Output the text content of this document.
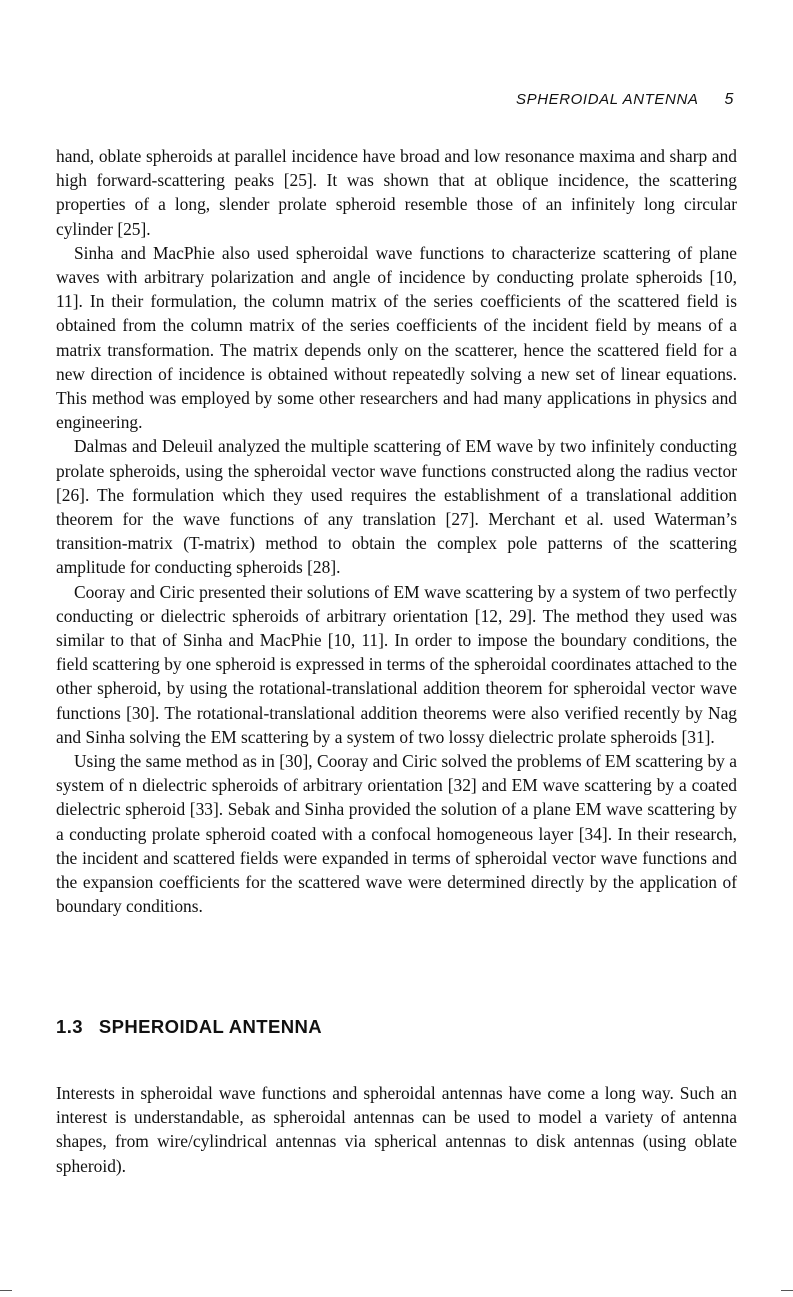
SPHEROIDAL ANTENNA 5

hand, oblate spheroids at parallel incidence have broad and low resonance maxima and sharp and high forward-scattering peaks [25]. It was shown that at oblique incidence, the scattering properties of a long, slender prolate spheroid resemble those of an infinitely long circular cylinder [25].

Sinha and MacPhie also used spheroidal wave functions to characterize scattering of plane waves with arbitrary polarization and angle of incidence by conducting prolate spheroids [10, 11]. In their formulation, the column matrix of the series coefficients of the scattered field is obtained from the column matrix of the series coefficients of the incident field by means of a matrix transformation. The matrix depends only on the scatterer, hence the scattered field for a new direction of incidence is obtained without repeatedly solving a new set of linear equations. This method was employed by some other researchers and had many applications in physics and engineering.

Dalmas and Deleuil analyzed the multiple scattering of EM wave by two infinitely conducting prolate spheroids, using the spheroidal vector wave functions constructed along the radius vector [26]. The formulation which they used requires the establishment of a translational addition theorem for the wave functions of any translation [27]. Merchant et al. used Waterman’s transition-matrix (T-matrix) method to obtain the complex pole patterns of the scattering amplitude for conducting spheroids [28].

Cooray and Ciric presented their solutions of EM wave scattering by a system of two perfectly conducting or dielectric spheroids of arbitrary orientation [12, 29]. The method they used was similar to that of Sinha and MacPhie [10, 11]. In order to impose the boundary conditions, the field scattering by one spheroid is expressed in terms of the spheroidal coordinates attached to the other spheroid, by using the rotational-translational addition theorem for spheroidal vector wave functions [30]. The rotational-translational addition theorems were also verified recently by Nag and Sinha solving the EM scattering by a system of two lossy dielectric prolate spheroids [31].

Using the same method as in [30], Cooray and Ciric solved the problems of EM scattering by a system of n dielectric spheroids of arbitrary orientation [32] and EM wave scattering by a coated dielectric spheroid [33]. Sebak and Sinha provided the solution of a plane EM wave scattering by a conducting prolate spheroid coated with a confocal homogeneous layer [34]. In their research, the incident and scattered fields were expanded in terms of spheroidal vector wave functions and the expansion coefficients for the scattered wave were determined directly by the application of boundary conditions.

1.3 SPHEROIDAL ANTENNA

Interests in spheroidal wave functions and spheroidal antennas have come a long way. Such an interest is understandable, as spheroidal antennas can be used to model a variety of antenna shapes, from wire/cylindrical antennas via spherical antennas to disk antennas (using oblate spheroid).
